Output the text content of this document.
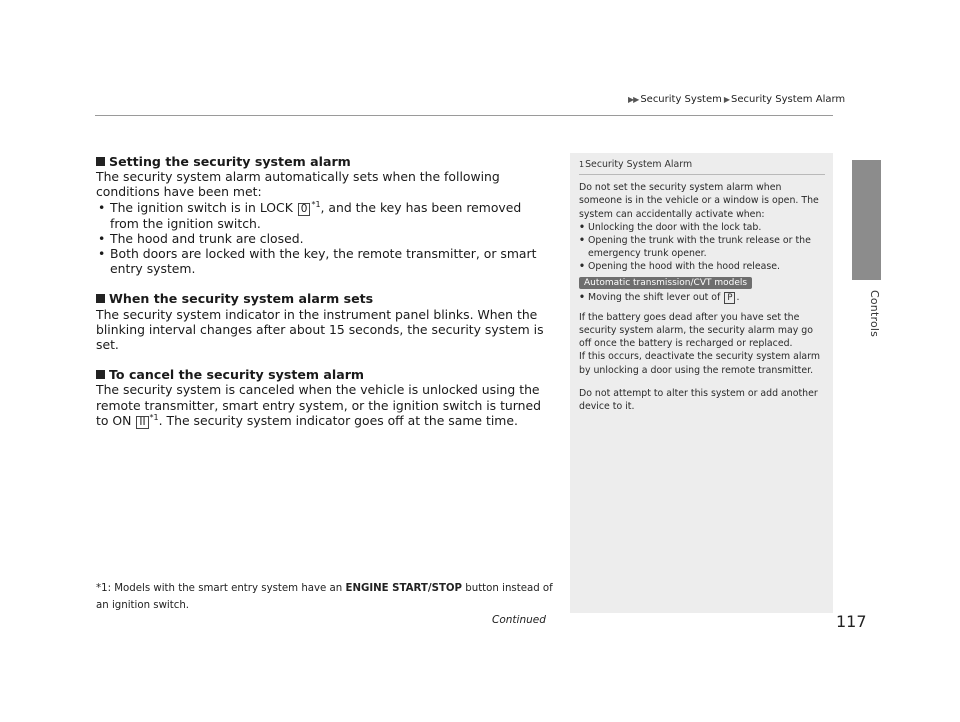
▶▶ Security System ▶ Security System Alarm
Controls

Setting the security system alarm

The security system alarm automatically sets when the following conditions have been met:

• The ignition switch is in LOCK 0 $^{*1}$, and the key has been removed from the ignition switch.
• The hood and trunk are closed.
• Both doors are locked with the key, the remote transmitter, or smart entry system.

When the security system alarm sets

The security system indicator in the instrument panel blinks. When the blinking interval changes after about 15 seconds, the security system is set.

To cancel the security system alarm

The security system is canceled when the vehicle is unlocked using the remote transmitter, smart entry system, or the ignition switch is turned to ON II $^{*1}$. The security system indicator goes off at the same time.

*1: Models with the smart entry system have an ENGINE START/STOP button instead of an ignition switch.
1Security System Alarm

Do not set the security system alarm when someone is in the vehicle or a window is open. The system can accidentally activate when:

• Unlocking the door with the lock tab.
• Opening the trunk with the trunk release or the emergency trunk opener.
• Opening the hood with the hood release.
Automatic transmission/CVT models
• Moving the shift lever out of P .

If the battery goes dead after you have set the security system alarm, the security alarm may go off once the battery is recharged or replaced.

If this occurs, deactivate the security system alarm by unlocking a door using the remote transmitter.

Do not attempt to alter this system or add another device to it.

Continued	117
